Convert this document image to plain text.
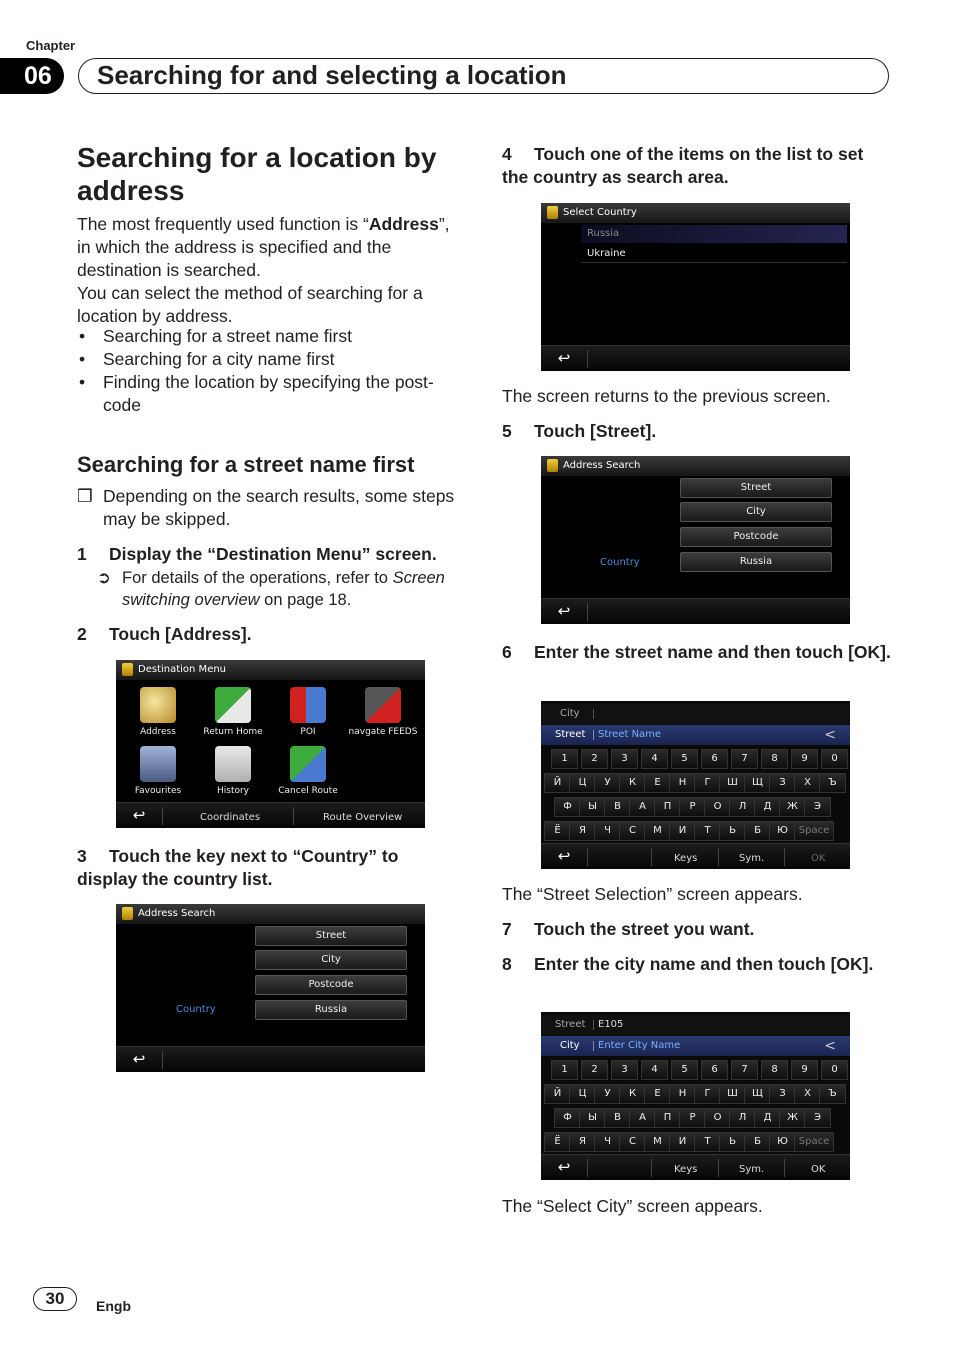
Chapter
06	Searching for and selecting a location
Searching for a location by address
The most frequently used function is “Address”, in which the address is specified and the destination is searched.
You can select the method of searching for a location by address.
• Searching for a street name first
• Searching for a city name first
• Finding the location by specifying the post-code
Searching for a street name first
❒ Depending on the search results, some steps may be skipped.
1 Display the “Destination Menu” screen.
➲ For details of the operations, refer to Screen switching overview on page 18.
2 Touch [Address].
Destination Menu
Address	Return Home	POI	navgate FEEDS
Favourites	History	Cancel Route
↩	Coordinates	Route Overview
3 Touch the key next to “Country” to display the country list.
Address Search
Street
City
Postcode
Country	Russia
↩
4 Touch one of the items on the list to set the country as search area.
Select Country
Russia
Ukraine
↩
The screen returns to the previous screen.
5 Touch [Street].
Address Search
Street
City
Postcode
Country	Russia
↩
6 Enter the street name and then touch [OK].
City
Street Street Name	<
1	2	3	4	5	6	7	8	9	0
Й	Ц	У	К	Е	Н	Г	Ш	Щ	З	Х	Ъ
Ф	Ы	В	А	П	Р	О	Л	Д	Ж	Э
Ё	Я	Ч	С	М	И	Т	Ь	Б	Ю	Space
↩	Keys	Sym.	OK
The “Street Selection” screen appears.
7 Touch the street you want.
8 Enter the city name and then touch [OK].
Street E105
City Enter City Name	<
1	2	3	4	5	6	7	8	9	0
Й	Ц	У	К	Е	Н	Г	Ш	Щ	З	Х	Ъ
Ф	Ы	В	А	П	Р	О	Л	Д	Ж	Э
Ё	Я	Ч	С	М	И	Т	Ь	Б	Ю	Space
↩	Keys	Sym.	OK
The “Select City” screen appears.
30	Engb
